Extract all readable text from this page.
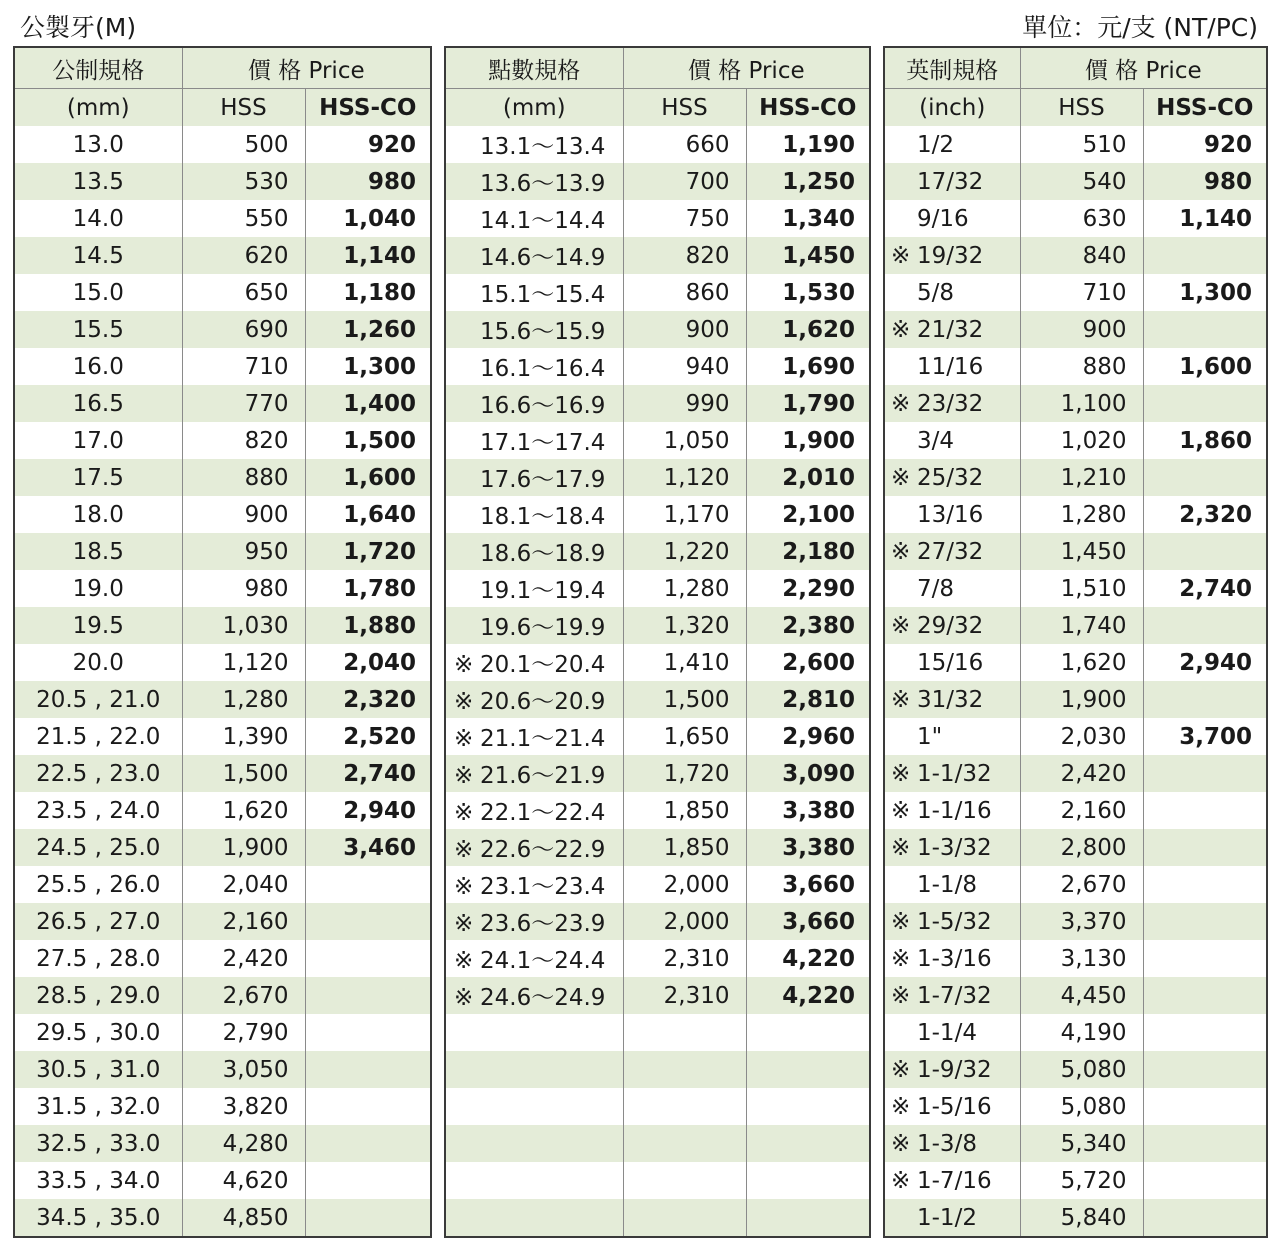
公製牙(M)	單位：元/支 (NT/PC)
公制規格	價 格 Price	
(mm)	HSS	HSS-CO
13.0	500	920
13.5	530	980
14.0	550	1,040
14.5	620	1,140
15.0	650	1,180
15.5	690	1,260
16.0	710	1,300
16.5	770	1,400
17.0	820	1,500
17.5	880	1,600
18.0	900	1,640
18.5	950	1,720
19.0	980	1,780
19.5	1,030	1,880
20.0	1,120	2,040
20.5 , 21.0	1,280	2,320
21.5 , 22.0	1,390	2,520
22.5 , 23.0	1,500	2,740
23.5 , 24.0	1,620	2,940
24.5 , 25.0	1,900	3,460
25.5 , 26.0	2,040	
26.5 , 27.0	2,160	
27.5 , 28.0	2,420	
28.5 , 29.0	2,670	
29.5 , 30.0	2,790	
30.5 , 31.0	3,050	
31.5 , 32.0	3,820	
32.5 , 33.0	4,280	
33.5 , 34.0	4,620	
34.5 , 35.0	4,850	
點數規格	價 格 Price	
(mm)	HSS	HSS-CO
13.1～13.4	660	1,190
13.6～13.9	700	1,250
14.1～14.4	750	1,340
14.6～14.9	820	1,450
15.1～15.4	860	1,530
15.6～15.9	900	1,620
16.1～16.4	940	1,690
16.6～16.9	990	1,790
17.1～17.4	1,050	1,900
17.6～17.9	1,120	2,010
18.1～18.4	1,170	2,100
18.6～18.9	1,220	2,180
19.1～19.4	1,280	2,290
19.6～19.9	1,320	2,380
※ 20.1～20.4	1,410	2,600
※ 20.6～20.9	1,500	2,810
※ 21.1～21.4	1,650	2,960
※ 21.6～21.9	1,720	3,090
※ 22.1～22.4	1,850	3,380
※ 22.6～22.9	1,850	3,380
※ 23.1～23.4	2,000	3,660
※ 23.6～23.9	2,000	3,660
※ 24.1～24.4	2,310	4,220
※ 24.6～24.9	2,310	4,220

英制規格	價 格 Price	
(inch)	HSS	HSS-CO
1/2	510	920
17/32	540	980
9/16	630	1,140
※ 19/32	840	
5/8	710	1,300
※ 21/32	900	
11/16	880	1,600
※ 23/32	1,100	
3/4	1,020	1,860
※ 25/32	1,210	
13/16	1,280	2,320
※ 27/32	1,450	
7/8	1,510	2,740
※ 29/32	1,740	
15/16	1,620	2,940
※ 31/32	1,900	
1"	2,030	3,700
※ 1-1/32	2,420	
※ 1-1/16	2,160	
※ 1-3/32	2,800	
1-1/8	2,670	
※ 1-5/32	3,370	
※ 1-3/16	3,130	
※ 1-7/32	4,450	
1-1/4	4,190	
※ 1-9/32	5,080	
※ 1-5/16	5,080	
※ 1-3/8	5,340	
※ 1-7/16	5,720	
1-1/2	5,840	
